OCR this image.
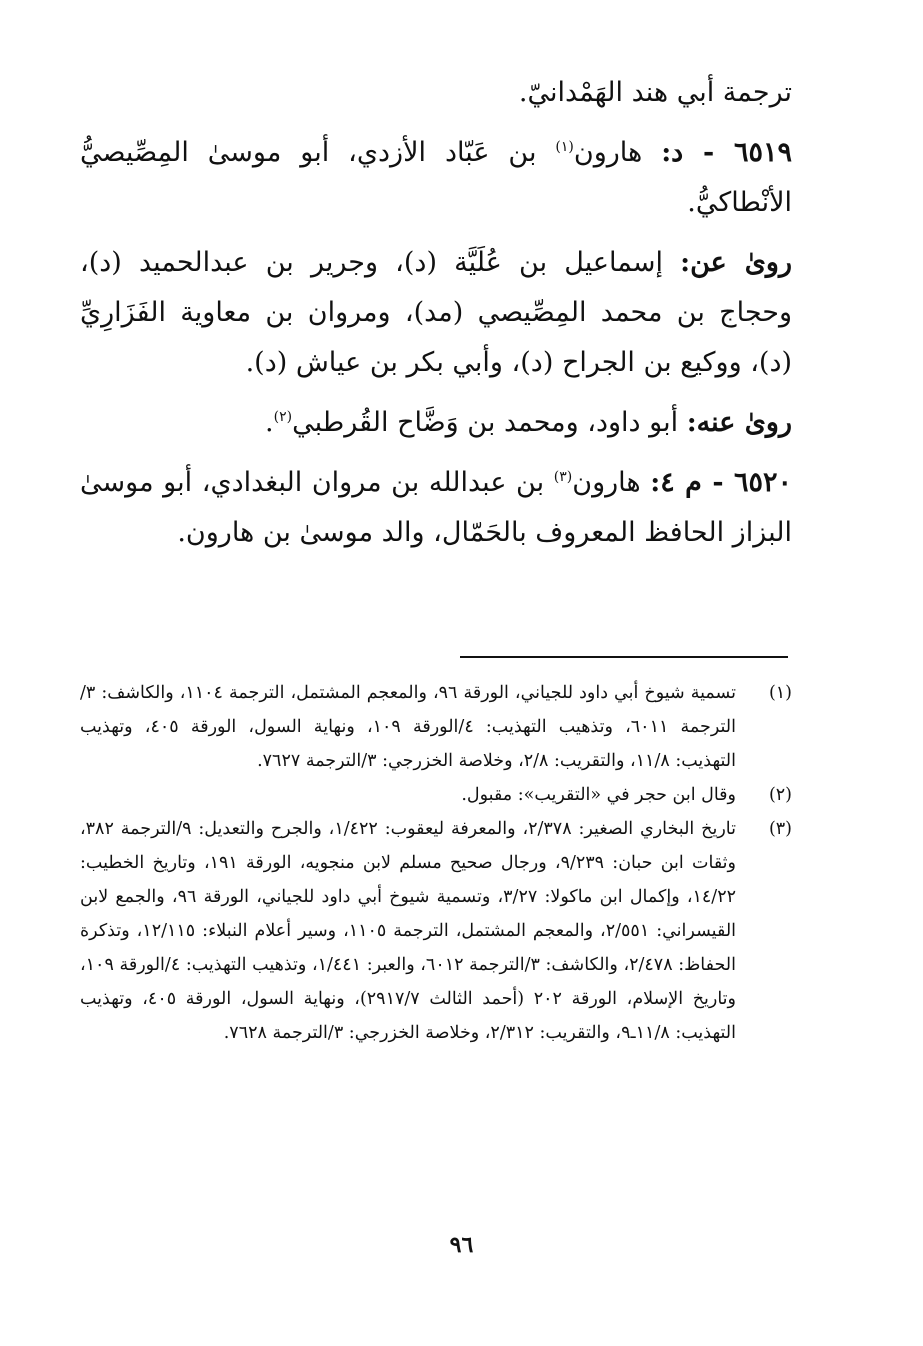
ترجمة أبي هند الهَمْدانيّ.

٦٥١٩ - د: هارون$^{(١)}$ بن عَبّاد الأزدي، أبو موسىٰ المِصِّيصيُّ الأنْطاكيُّ.

روىٰ عن: إسماعيل بن عُلَيَّة (د)، وجرير بن عبدالحميد (د)، وحجاج بن محمد المِصِّيصي (مد)، ومروان بن معاوية الفَزَارِيِّ (د)، ووكيع بن الجراح (د)، وأبي بكر بن عياش (د).

روىٰ عنه: أبو داود، ومحمد بن وَضَّاح القُرطبي$^{(٢)}$.

٦٥٢٠ - م ٤: هارون$^{(٣)}$ بن عبدالله بن مروان البغدادي، أبو موسىٰ البزاز الحافظ المعروف بالحَمّال، والد موسىٰ بن هارون.

(١)
تسمية شيوخ أبي داود للجياني، الورقة ٩٦، والمعجم المشتمل، الترجمة ١١٠٤، والكاشف: ٣/الترجمة ٦٠١١، وتذهيب التهذيب: ٤/الورقة ١٠٩، ونهاية السول، الورقة ٤٠٥، وتهذيب التهذيب: ١١/٨، والتقريب: ٢/٨، وخلاصة الخزرجي: ٣/الترجمة ٧٦٢٧.
(٢)
وقال ابن حجر في «التقريب»: مقبول.
(٣)
تاريخ البخاري الصغير: ٢/٣٧٨، والمعرفة ليعقوب: ١/٤٢٢، والجرح والتعديل: ٩/الترجمة ٣٨٢، وثقات ابن حبان: ٩/٢٣٩، ورجال صحيح مسلم لابن منجويه، الورقة ١٩١، وتاريخ الخطيب: ١٤/٢٢، وإكمال ابن ماكولا: ٣/٢٧، وتسمية شيوخ أبي داود للجياني، الورقة ٩٦، والجمع لابن القيسراني: ٢/٥٥١، والمعجم المشتمل، الترجمة ١١٠٥، وسير أعلام النبلاء: ١٢/١١٥، وتذكرة الحفاظ: ٢/٤٧٨، والكاشف: ٣/الترجمة ٦٠١٢، والعبر: ١/٤٤١، وتذهيب التهذيب: ٤/الورقة ١٠٩، وتاريخ الإسلام، الورقة ٢٠٢ (أحمد الثالث ٢٩١٧/٧)، ونهاية السول، الورقة ٤٠٥، وتهذيب التهذيب: ١١/٨ـ٩، والتقريب: ٢/٣١٢، وخلاصة الخزرجي: ٣/الترجمة ٧٦٢٨.
٩٦
